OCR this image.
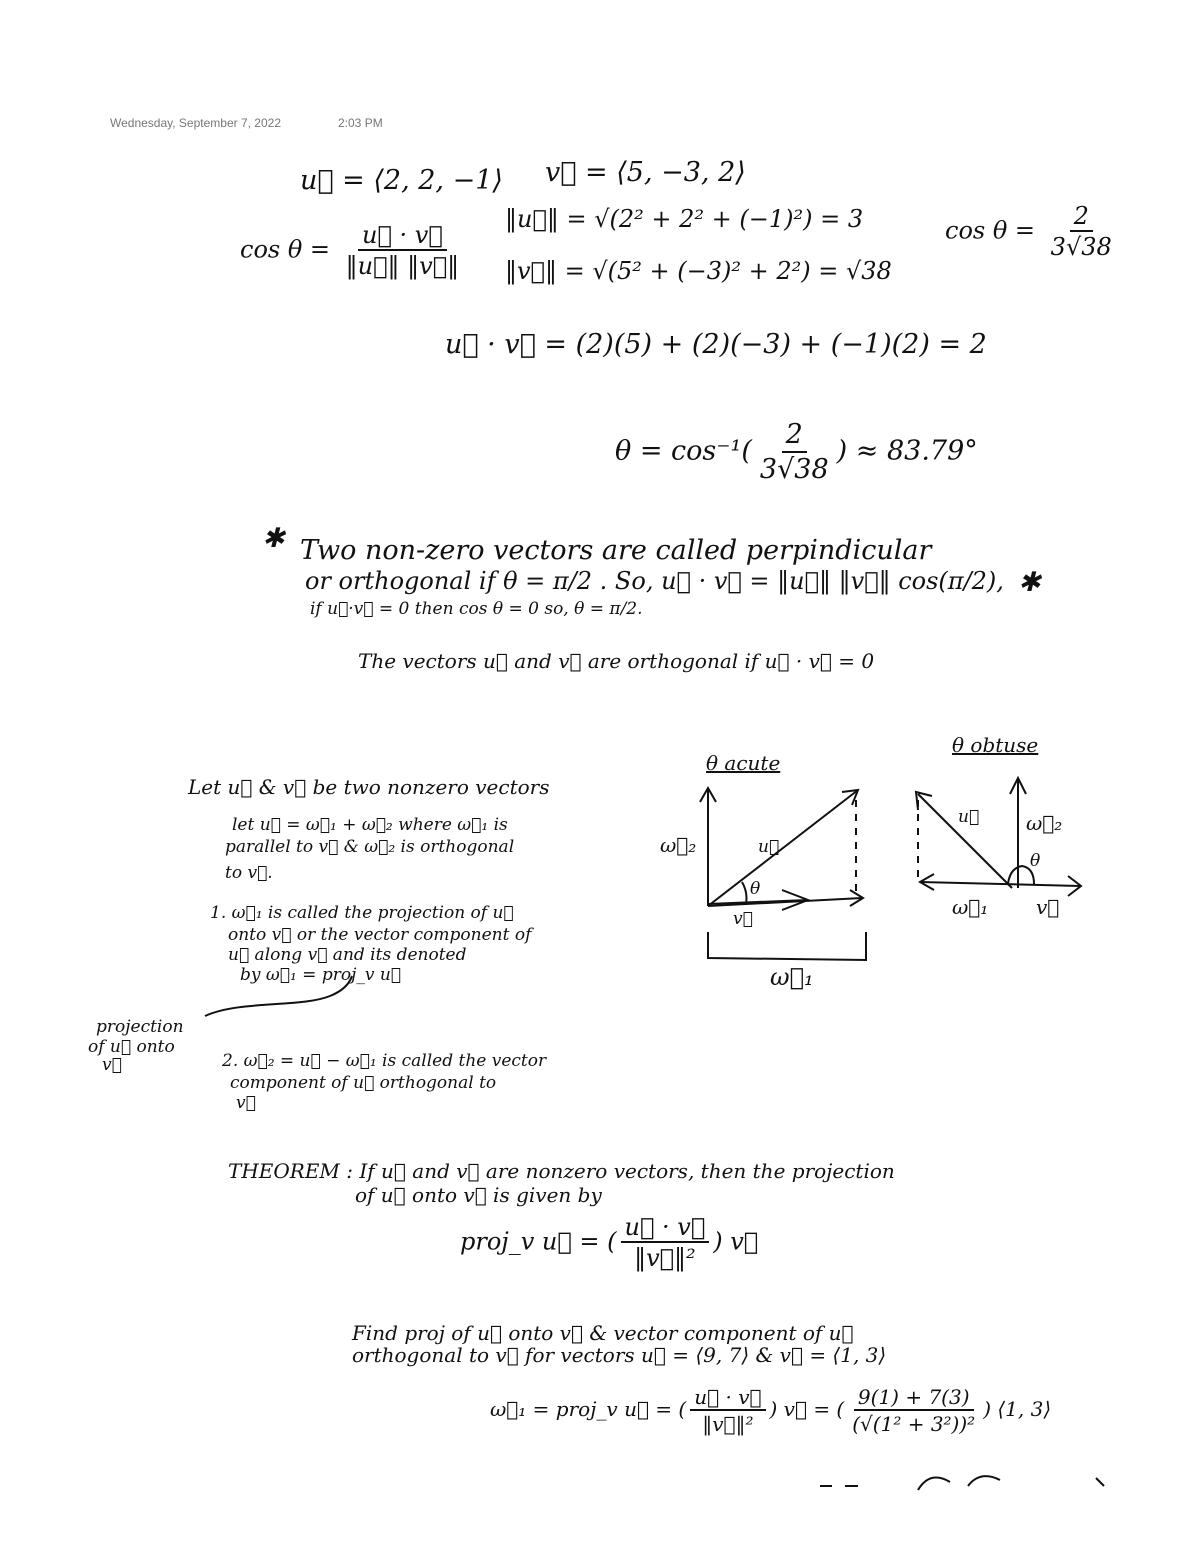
Wednesday, September 7, 2022	2:03 PM
u⃗ = ⟨2, 2, −1⟩ v⃗ = ⟨5, −3, 2⟩
$\cos \theta = \frac{u⃗ \cdot v⃗}{‖u⃗‖ ‖v⃗‖}$
‖u⃗‖ = √(2² + 2² + (−1)²) = 3
‖v⃗‖ = √(5² + (−3)² + 2²) = √38
$\cos \theta = \frac{2}{3√38}$
u⃗ · v⃗ = (2)(5) + (2)(−3) + (−1)(2) = 2
$\theta = \cos^{-1}( \frac{2}{3√38}$ ) ≈ 83.79°
✱ Two non-zero vectors are called perpindicular
or orthogonal if θ = π/2 . So, u⃗ · v⃗ = ‖u⃗‖ ‖v⃗‖ cos(π/2), ✱
if u⃗·v⃗ = 0 then cos θ = 0 so, θ = π/2.
The vectors u⃗ and v⃗ are orthogonal if u⃗ · v⃗ = 0
Let u⃗ & v⃗ be two nonzero vectors
let u⃗ = ω⃗₁ + ω⃗₂ where ω⃗₁ is
parallel to v⃗ & ω⃗₂ is orthogonal
to v⃗.
1. ω⃗₁ is called the projection of u⃗
onto v⃗ or the vector component of
u⃗ along v⃗ and its denoted
by ω⃗₁ = proj_v u⃗
projection
of u⃗ onto
v⃗	2. ω⃗₂ = u⃗ − ω⃗₁ is called the vector
component of u⃗ orthogonal to
v⃗
θ acute
θ obtuse
ω⃗₂	u⃗
θ
v⃗
ω⃗₁
u⃗ ω⃗₂
θ
ω⃗₁ v⃗
THEOREM : If u⃗ and v⃗ are nonzero vectors, then the projection
of u⃗ onto v⃗ is given by
proj_v u⃗ = ( $\frac{u⃗ \cdot v⃗}{\text{‖v⃗‖²}}$ ) v⃗
Find proj of u⃗ onto v⃗ & vector component of u⃗
orthogonal to v⃗ for vectors u⃗ = ⟨9, 7⟩ & v⃗ = ⟨1, 3⟩
ω⃗₁ = proj_v u⃗ = ( $\frac{u⃗ \cdot v⃗}{\text{‖v⃗‖²}}$ ) v⃗ = ( $\frac{9(1) + 7(3)}{\text{(√(1² + 3²))²}}$ ) ⟨1, 3⟩
